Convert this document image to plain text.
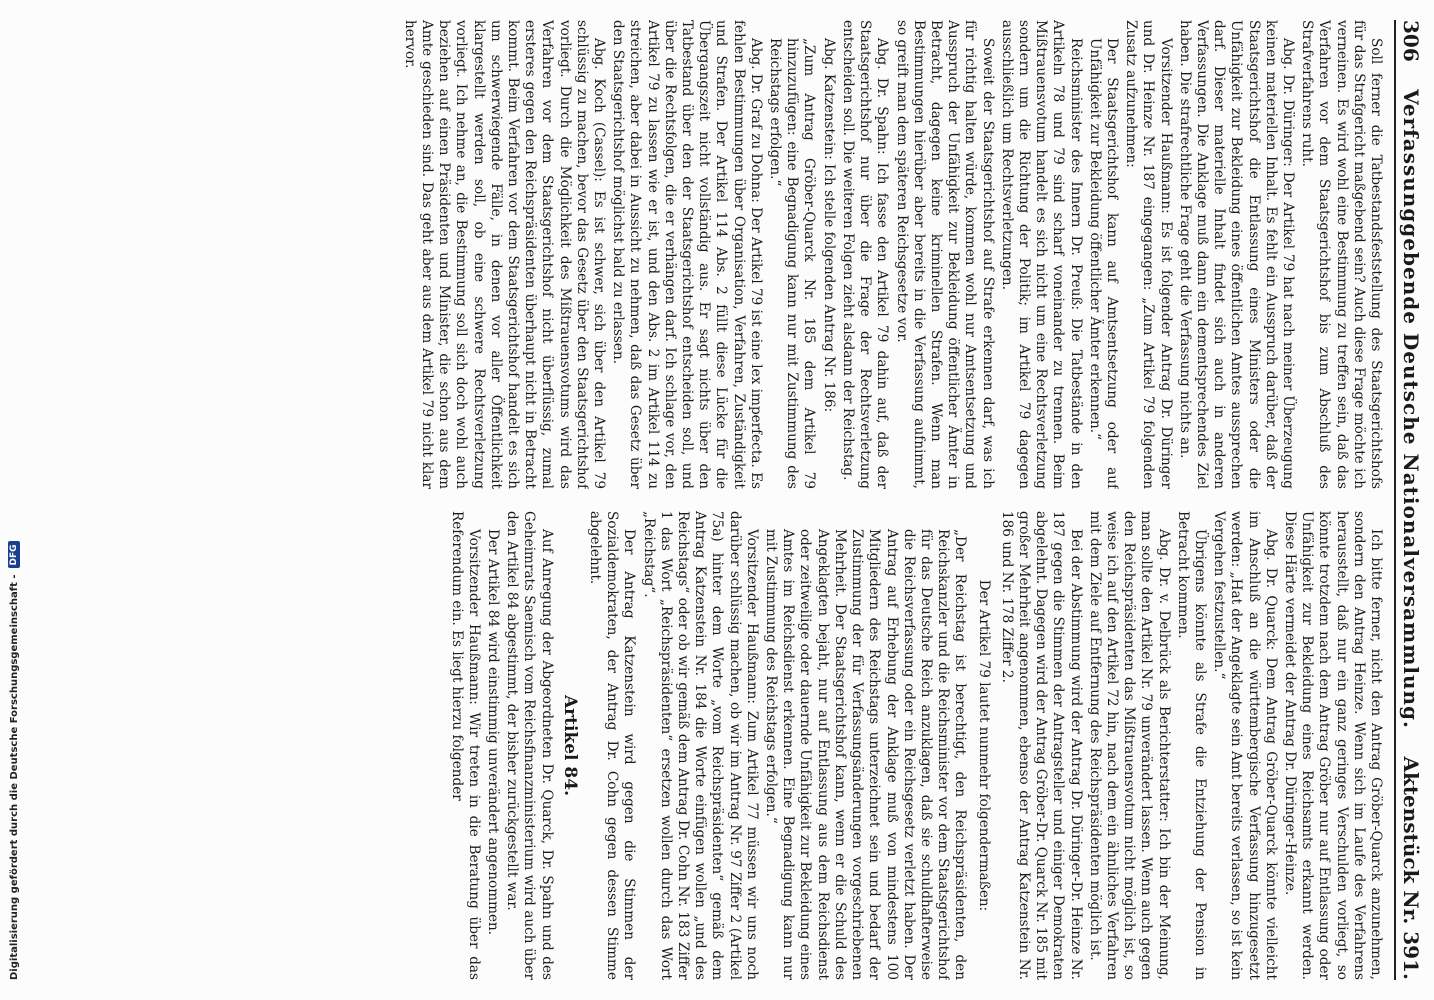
306
Verfassunggebende Deutsche Nationalversammlung.
Aktenstück Nr. 391.

Soll ferner die Tatbestandsfeststellung des Staatsgerichtshofs für das Strafgericht maßgebend sein? Auch diese Frage möchte ich verneinen. Es wird wohl eine Bestimmung zu treffen sein, daß das Verfahren vor dem Staatsgerichtshof bis zum Abschluß des Strafverfahrens ruht.

Abg. Dr. Düringer: Der Artikel 79 hat nach meiner Überzeugung keinen materiellen Inhalt. Es fehlt ein Ausspruch darüber, daß der Staatsgerichtshof die Entlassung eines Ministers oder die Unfähigkeit zur Bekleidung eines öffentlichen Amtes aussprechen darf. Dieser materielle Inhalt findet sich auch in anderen Verfassungen. Die Anklage muß dann ein dementsprechendes Ziel haben. Die strafrechtliche Frage geht die Verfassung nichts an.

Vorsitzender Haußmann: Es ist folgender Antrag Dr. Düringer und Dr. Heinze Nr. 187 eingegangen: „Zum Artikel 79 folgenden Zusatz aufzunehmen:

Der Staatsgerichtshof kann auf Amtsentsetzung oder auf Unfähigkeit zur Bekleidung öffentlicher Ämter erkennen.“

Reichsminister des Innern Dr. Preuß: Die Tatbestände in den Artikeln 78 und 79 sind scharf voneinander zu trennen. Beim Mißtrauensvotum handelt es sich nicht um eine Rechtsverletzung sondern um die Richtung der Politik; im Artikel 79 dagegen ausschließlich um Rechtsverletzungen.

Soweit der Staatsgerichtshof auf Strafe erkennen darf, was ich für richtig halten würde, kommen wohl nur Amtsentsetzung und Ausspruch der Unfähigkeit zur Bekleidung öffentlicher Ämter in Betracht, dagegen keine kriminellen Strafen. Wenn man Bestimmungen hierüber aber bereits in die Verfassung aufnimmt, so greift man dem späteren Reichsgesetze vor.

Abg. Dr. Spahn: Ich fasse den Artikel 79 dahin auf, daß der Staatsgerichtshof nur über die Frage der Rechtsverletzung entscheiden soll. Die weiteren Folgen zieht alsdann der Reichstag.

Abg. Katzenstein: Ich stelle folgenden Antrag Nr. 186:

„Zum Antrag Gröber-Quarck Nr. 185 dem Artikel 79 hinzuzufügen: eine Begnadigung kann nur mit Zustimmung des Reichstags erfolgen.“

Abg. Dr. Graf zu Dohna: Der Artikel 79 ist eine lex imperfecta. Es fehlen Bestimmungen über Organisation, Verfahren, Zuständigkeit und Strafen. Der Artikel 114 Abs. 2 füllt diese Lücke für die Übergangszeit nicht vollständig aus. Er sagt nichts über den Tatbestand über den der Staatsgerichtshof entscheiden soll, und über die Rechtsfolgen, die er verhängen darf. Ich schlage vor, den Artikel 79 zu lassen wie er ist, und den Abs. 2 im Artikel 114 zu streichen, aber dabei in Aussicht zu nehmen, daß das Gesetz über den Staatsgerichtshof möglichst bald zu erlassen.

Abg. Koch (Cassel): Es ist schwer, sich über den Artikel 79 schlüssig zu machen, bevor das Gesetz über den Staatsgerichtshof vorliegt. Durch die Möglichkeit des Mißtrauensvotums wird das Verfahren vor dem Staatsgerichtshof nicht überflüssig, zumal ersteres gegen den Reichspräsidenten überhaupt nicht in Betracht kommt. Beim Verfahren vor dem Staatsgerichtshof handelt es sich um schwerwiegende Fälle, in denen vor aller Öffentlichkeit klargestellt werden soll, ob eine schwere Rechtsverletzung vorliegt. Ich nehme an, die Bestimmung soll sich doch wohl auch beziehen auf einen Präsidenten und Minister, die schon aus dem Amte geschieden sind. Das geht aber aus dem Artikel 79 nicht klar hervor.

Ich bitte ferner, nicht den Antrag Gröber-Quarck anzunehmen, sondern den Antrag Heinze. Wenn sich im Laufe des Verfahrens herausstellt, daß nur ein ganz geringes Verschulden vorliegt, so könnte trotzdem nach dem Antrag Gröber nur auf Entlassung oder Unfähigkeit zur Bekleidung eines Reichsamts erkannt werden. Diese Härte vermeidet der Antrag Dr. Düringer-Heinze.

Abg. Dr. Quarck: Dem Antrag Gröber-Quarck könnte vielleicht im Anschluß an die württembergische Verfassung hinzugesetzt werden: „Hat der Angeklagte sein Amt bereits verlassen, so ist kein Vergehen festzustellen.“

Übrigens könnte als Strafe die Entziehung der Pension in Betracht kommen.

Abg. Dr. v. Delbrück als Berichterstatter: Ich bin der Meinung, man sollte den Artikel Nr. 79 unverändert lassen. Wenn auch gegen den Reichspräsidenten das Mißtrauensvotum nicht möglich ist, so weise ich auf den Artikel 72 hin, nach dem ein ähnliches Verfahren mit dem Ziele auf Entfernung des Reichspräsidenten möglich ist.

Bei der Abstimmung wird der Antrag Dr. Düringer-Dr. Heinze Nr. 187 gegen die Stimmen der Antragsteller und einiger Demokraten abgelehnt. Dagegen wird der Antrag Gröber-Dr. Quarck Nr. 185 mit großer Mehrheit angenommen, ebenso der Antrag Katzenstein Nr. 186 und Nr. 178 Ziffer 2.

Der Artikel 79 lautet nunmehr folgendermaßen:

„Der Reichstag ist berechtigt, den Reichspräsidenten, den Reichskanzler und die Reichsminister vor dem Staatsgerichtshof für das Deutsche Reich anzuklagen, daß sie schuldhafterweise die Reichsverfassung oder ein Reichsgesetz verletzt haben. Der Antrag auf Erhebung der Anklage muß von mindestens 100 Mitgliedern des Reichstags unterzeichnet sein und bedarf der Zustimmung der für Verfassungsänderungen vorgeschriebenen Mehrheit. Der Staatsgerichtshof kann, wenn er die Schuld des Angeklagten bejaht, nur auf Entlassung aus dem Reichsdienst oder zeitweilige oder dauernde Unfähigkeit zur Bekleidung eines Amtes im Reichsdienst erkennen. Eine Begnadigung kann nur mit Zustimmung des Reichstags erfolgen.“

Vorsitzender Haußmann: Zum Artikel 77 müssen wir uns noch darüber schlüssig machen, ob wir im Antrag Nr. 97 Ziffer 2 (Artikel 75a) hinter dem Worte „vom Reichspräsidenten“ gemäß dem Antrag Katzenstein Nr. 184 die Worte einfügen wollen „und des Reichstags“ oder ob wir gemäß dem Antrag Dr. Cohn Nr. 183 Ziffer 1 das Wort „Reichspräsidenten“ ersetzen wollen durch das Wort „Reichstag“.

Der Antrag Katzenstein wird gegen die Stimmen der Sozialdemokraten, der Antrag Dr. Cohn gegen dessen Stimme abgelehnt.

Artikel 84.

Auf Anregung der Abgeordneten Dr. Quarck, Dr. Spahn und des Geheimrats Saemisch vom Reichsfinanzministerium wird auch über den Artikel 84 abgestimmt, der bisher zurückgestellt war.

Der Artikel 84 wird einstimmig unverändert angenommen.

Vorsitzender Haußmann: Wir treten in die Beratung über das Referendum ein. Es liegt hierzu folgender

Digitalisierung gefördert durch die Deutsche Forschungsgemeinschaft -
DFG
